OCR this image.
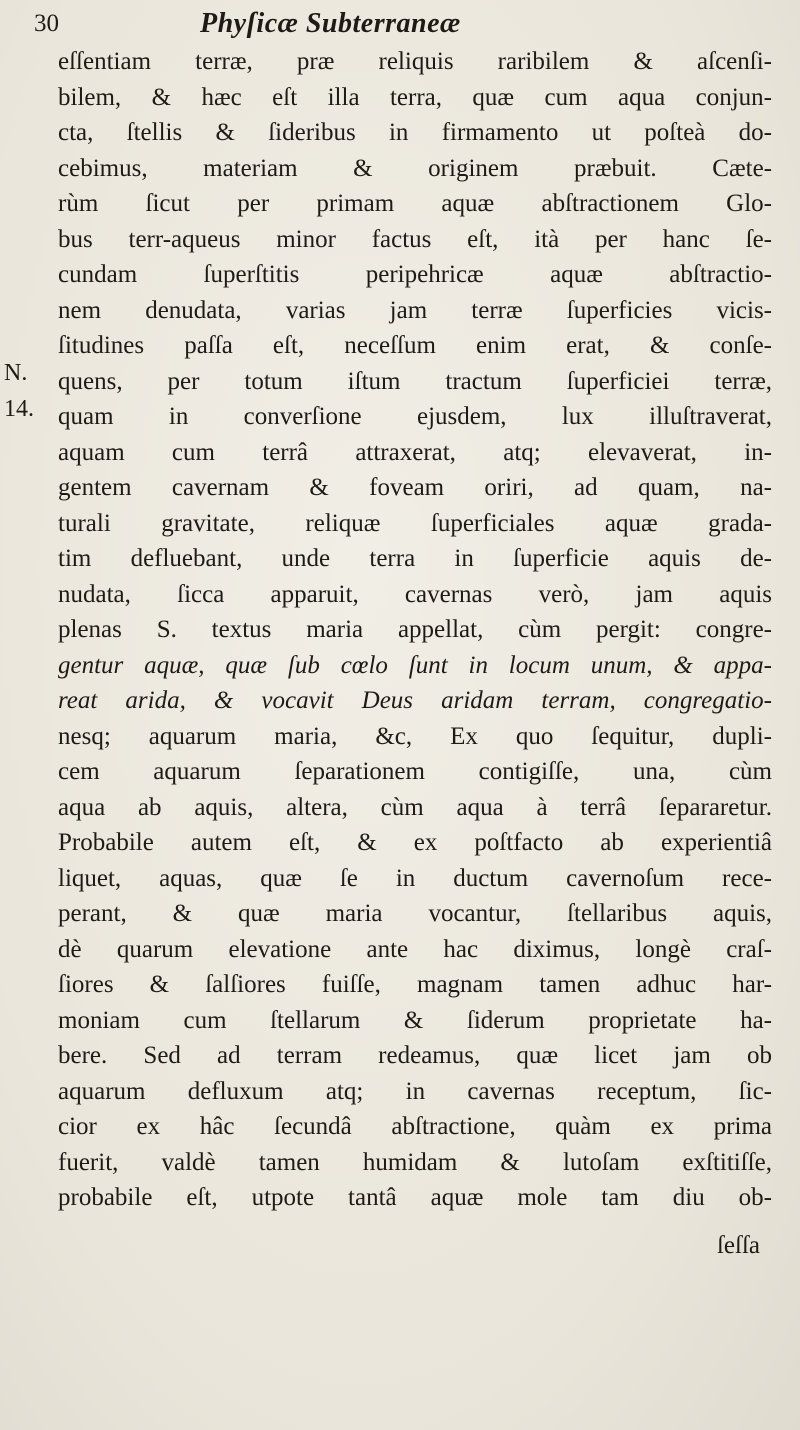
30	Phyſicæ Subterraneæ
N.
14.
eſſentiam terræ, præ reliquis raribilem & aſcenſi-
bilem, & hæc eſt illa terra, quæ cum aqua conjun-
cta, ſtellis & ſideribus in firmamento ut poſteà do-
cebimus, materiam & originem præbuit. Cæte-
rùm ſicut per primam aquæ abſtractionem Glo-
bus terr-aqueus minor factus eſt, ità per hanc ſe-
cundam ſuperſtitis peripehricæ aquæ abſtractio-
nem denudata, varias jam terræ ſuperficies vicis-
ſitudines paſſa eſt, neceſſum enim erat, & conſe-
quens, per totum iſtum tractum ſuperficiei terræ,
quam in converſione ejusdem, lux illuſtraverat,
aquam cum terrâ attraxerat, atq; elevaverat, in-
gentem cavernam & foveam oriri, ad quam, na-
turali gravitate, reliquæ ſuperficiales aquæ grada-
tim defluebant, unde terra in ſuperficie aquis de-
nudata, ſicca apparuit, cavernas verò, jam aquis
plenas S. textus maria appellat, cùm pergit: congre-
gentur aquæ, quæ ſub cœlo ſunt in locum unum, & appa-
reat arida, & vocavit Deus aridam terram, congregatio-
nesq; aquarum maria, &c, Ex quo ſequitur, dupli-
cem aquarum ſeparationem contigiſſe, una, cùm
aqua ab aquis, altera, cùm aqua à terrâ ſepararetur.
Probabile autem eſt, & ex poſtfacto ab experientiâ
liquet, aquas, quæ ſe in ductum cavernoſum rece-
perant, & quæ maria vocantur, ſtellaribus aquis,
dè quarum elevatione ante hac diximus, longè craſ-
ſiores & ſalſiores fuiſſe, magnam tamen adhuc har-
moniam cum ſtellarum & ſiderum proprietate ha-
bere. Sed ad terram redeamus, quæ licet jam ob
aquarum defluxum atq; in cavernas receptum, ſic-
cior ex hâc ſecundâ abſtractione, quàm ex prima
fuerit, valdè tamen humidam & lutoſam exſtitiſſe,
probabile eſt, utpote tantâ aquæ mole tam diu ob-
ſeſſa
